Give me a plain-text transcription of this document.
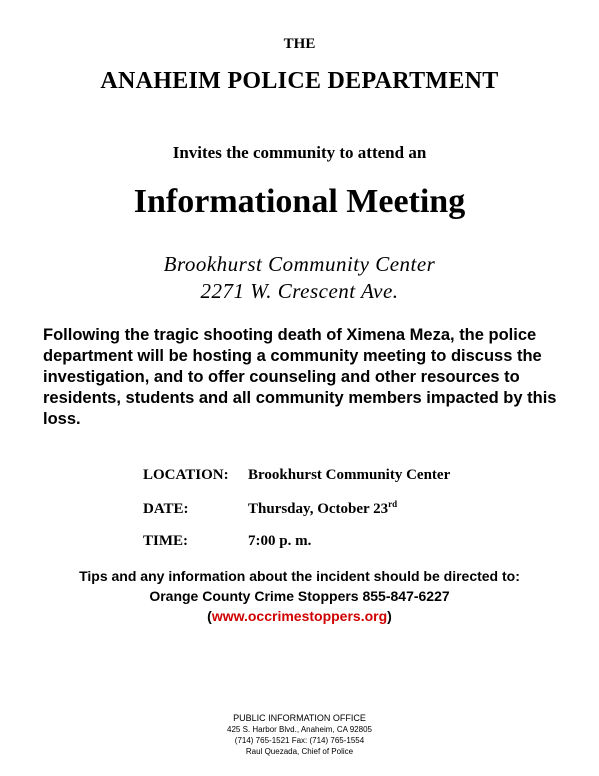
THE
ANAHEIM POLICE DEPARTMENT
Invites the community to attend an
Informational Meeting
Brookhurst Community Center
2271 W. Crescent Ave.
Following the tragic shooting death of Ximena Meza, the police department will be hosting a community meeting to discuss the investigation, and to offer counseling and other resources to residents, students and all community members impacted by this loss.
LOCATION: Brookhurst Community Center
DATE:	Thursday, October 23rd
TIME:	7:00 p. m.
Tips and any information about the incident should be directed to:
Orange County Crime Stoppers 855-847-6227
(www.occrimestoppers.org)
PUBLIC INFORMATION OFFICE
425 S. Harbor Blvd., Anaheim, CA 92805
(714) 765-1521 Fax: (714) 765-1554
Raul Quezada, Chief of Police
